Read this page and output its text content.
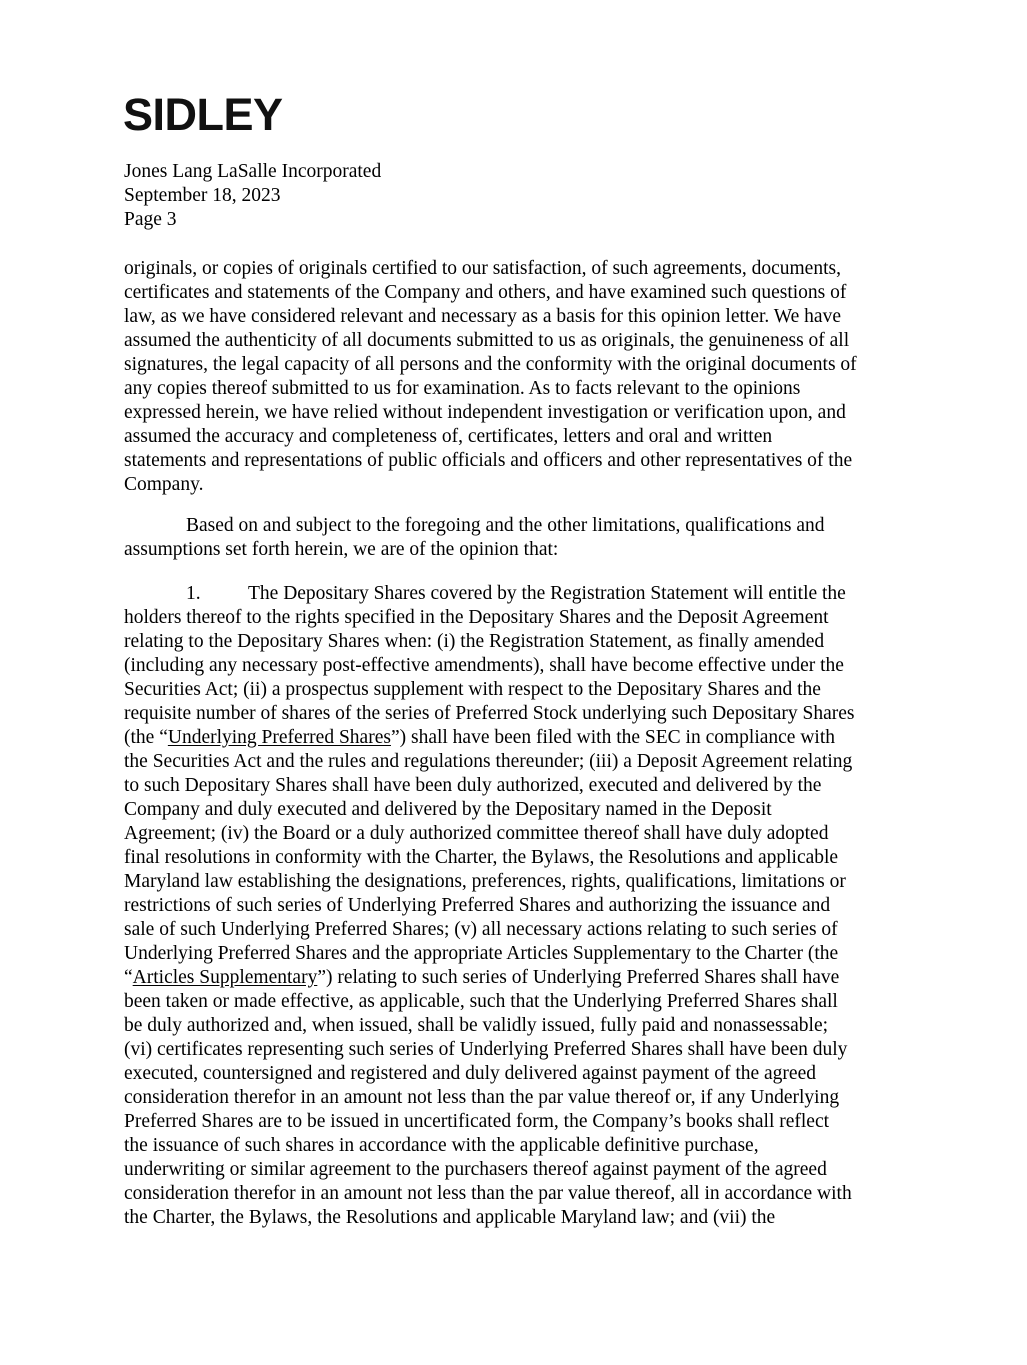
SIDLEY
Jones Lang LaSalle Incorporated
September 18, 2023
Page 3
originals, or copies of originals certified to our satisfaction, of such agreements, documents,
certificates and statements of the Company and others, and have examined such questions of
law, as we have considered relevant and necessary as a basis for this opinion letter. We have
assumed the authenticity of all documents submitted to us as originals, the genuineness of all
signatures, the legal capacity of all persons and the conformity with the original documents of
any copies thereof submitted to us for examination. As to facts relevant to the opinions
expressed herein, we have relied without independent investigation or verification upon, and
assumed the accuracy and completeness of, certificates, letters and oral and written
statements and representations of public officials and officers and other representatives of the
Company.
Based on and subject to the foregoing and the other limitations, qualifications and
assumptions set forth herein, we are of the opinion that:
1. The Depositary Shares covered by the Registration Statement will entitle the
holders thereof to the rights specified in the Depositary Shares and the Deposit Agreement
relating to the Depositary Shares when: (i) the Registration Statement, as finally amended
(including any necessary post-effective amendments), shall have become effective under the
Securities Act; (ii) a prospectus supplement with respect to the Depositary Shares and the
requisite number of shares of the series of Preferred Stock underlying such Depositary Shares
(the “Underlying Preferred Shares”) shall have been filed with the SEC in compliance with
the Securities Act and the rules and regulations thereunder; (iii) a Deposit Agreement relating
to such Depositary Shares shall have been duly authorized, executed and delivered by the
Company and duly executed and delivered by the Depositary named in the Deposit
Agreement; (iv) the Board or a duly authorized committee thereof shall have duly adopted
final resolutions in conformity with the Charter, the Bylaws, the Resolutions and applicable
Maryland law establishing the designations, preferences, rights, qualifications, limitations or
restrictions of such series of Underlying Preferred Shares and authorizing the issuance and
sale of such Underlying Preferred Shares; (v) all necessary actions relating to such series of
Underlying Preferred Shares and the appropriate Articles Supplementary to the Charter (the
“Articles Supplementary”) relating to such series of Underlying Preferred Shares shall have
been taken or made effective, as applicable, such that the Underlying Preferred Shares shall
be duly authorized and, when issued, shall be validly issued, fully paid and nonassessable;
(vi) certificates representing such series of Underlying Preferred Shares shall have been duly
executed, countersigned and registered and duly delivered against payment of the agreed
consideration therefor in an amount not less than the par value thereof or, if any Underlying
Preferred Shares are to be issued in uncertificated form, the Company’s books shall reflect
the issuance of such shares in accordance with the applicable definitive purchase,
underwriting or similar agreement to the purchasers thereof against payment of the agreed
consideration therefor in an amount not less than the par value thereof, all in accordance with
the Charter, the Bylaws, the Resolutions and applicable Maryland law; and (vii) the
